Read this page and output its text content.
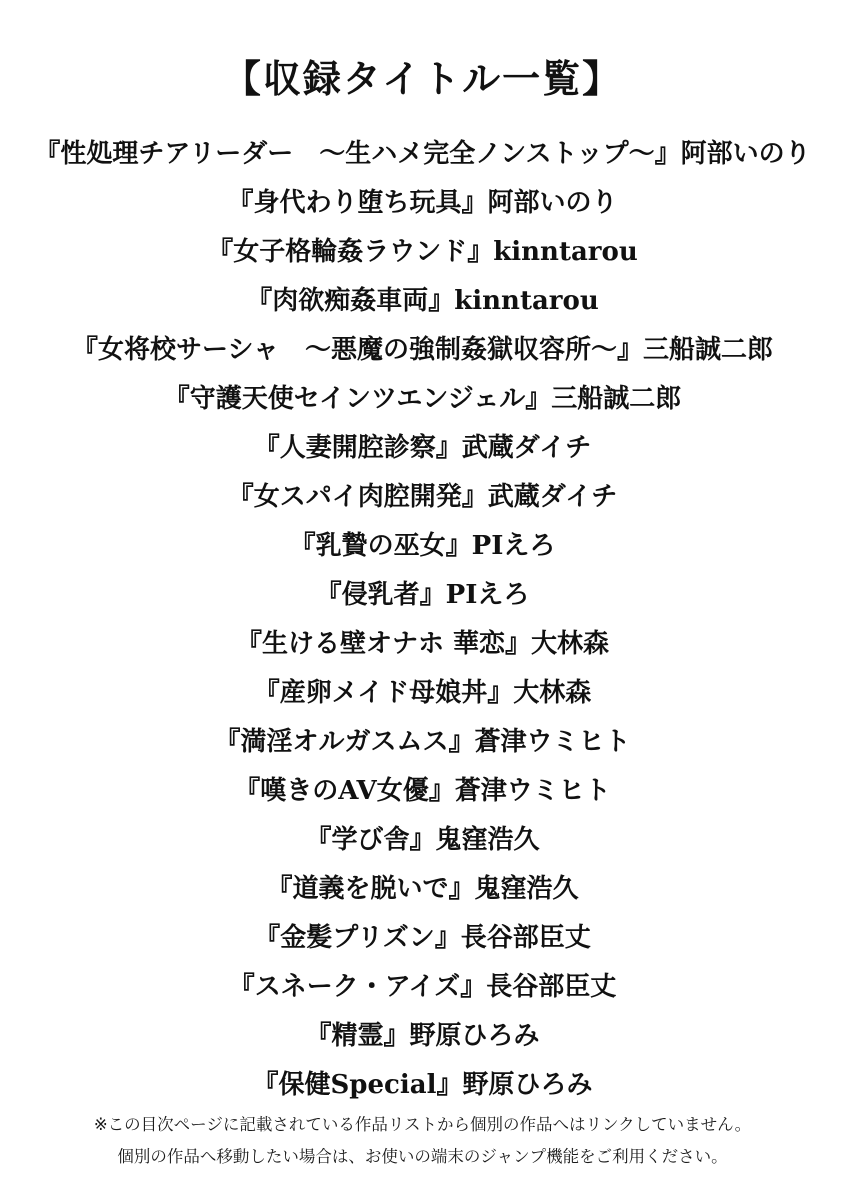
【収録タイトル一覧】
『性処理チアリーダー　〜生ハメ完全ノンストップ〜』阿部いのり
『身代わり堕ち玩具』阿部いのり
『女子格輪姦ラウンド』kinntarou
『肉欲痴姦車両』kinntarou
『女将校サーシャ　〜悪魔の強制姦獄収容所〜』三船誠二郎
『守護天使セインツエンジェル』三船誠二郎
『人妻開腔診察』武蔵ダイチ
『女スパイ肉腔開発』武蔵ダイチ
『乳贄の巫女』PIえろ
『侵乳者』PIえろ
『生ける壁オナホ 華恋』大林森
『産卵メイド母娘丼』大林森
『満淫オルガスムス』蒼津ウミヒト
『嘆きのAV女優』蒼津ウミヒト
『学び舎』鬼窪浩久
『道義を脱いで』鬼窪浩久
『金髪プリズン』長谷部臣丈
『スネーク・アイズ』長谷部臣丈
『精霊』野原ひろみ
『保健Special』野原ひろみ
※この目次ページに記載されている作品リストから個別の作品へはリンクしていません。
個別の作品へ移動したい場合は、お使いの端末のジャンプ機能をご利用ください。
